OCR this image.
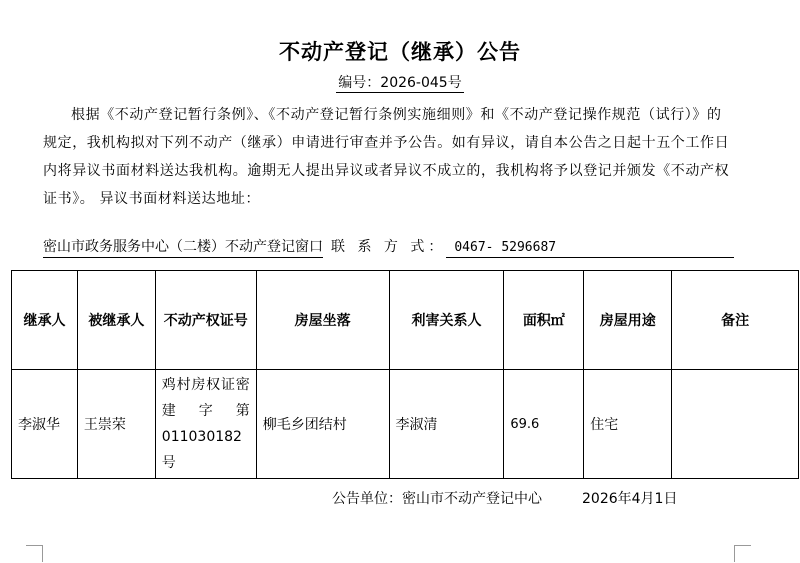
不动产登记（继承）公告
编号：2026-045号
根据《不动产登记暂行条例》、《不动产登记暂行条例实施细则》和《不动产登记操作规范（试行）》的规定，我机构拟对下列不动产（继承）申请进行审查并予公告。如有异议，请自本公告之日起十五个工作日内将异议书面材料送达我机构。逾期无人提出异议或者异议不成立的，我机构将予以登记并颁发《不动产权证书》。 异议书面材料送达地址：
密山市政务服务中心（二楼）不动产登记窗口 联 系 方 式： 0467- 5296687
继承人	被继承人	不动产权证号	房屋坐落	利害关系人	面积㎡	房屋用途	备注
李淑华	王崇荣	鸡村房权证密建字第011030182号	柳毛乡团结村	李淑清	69.6	住宅	
公告单位：密山市不动产登记中心	2026年4月1日
